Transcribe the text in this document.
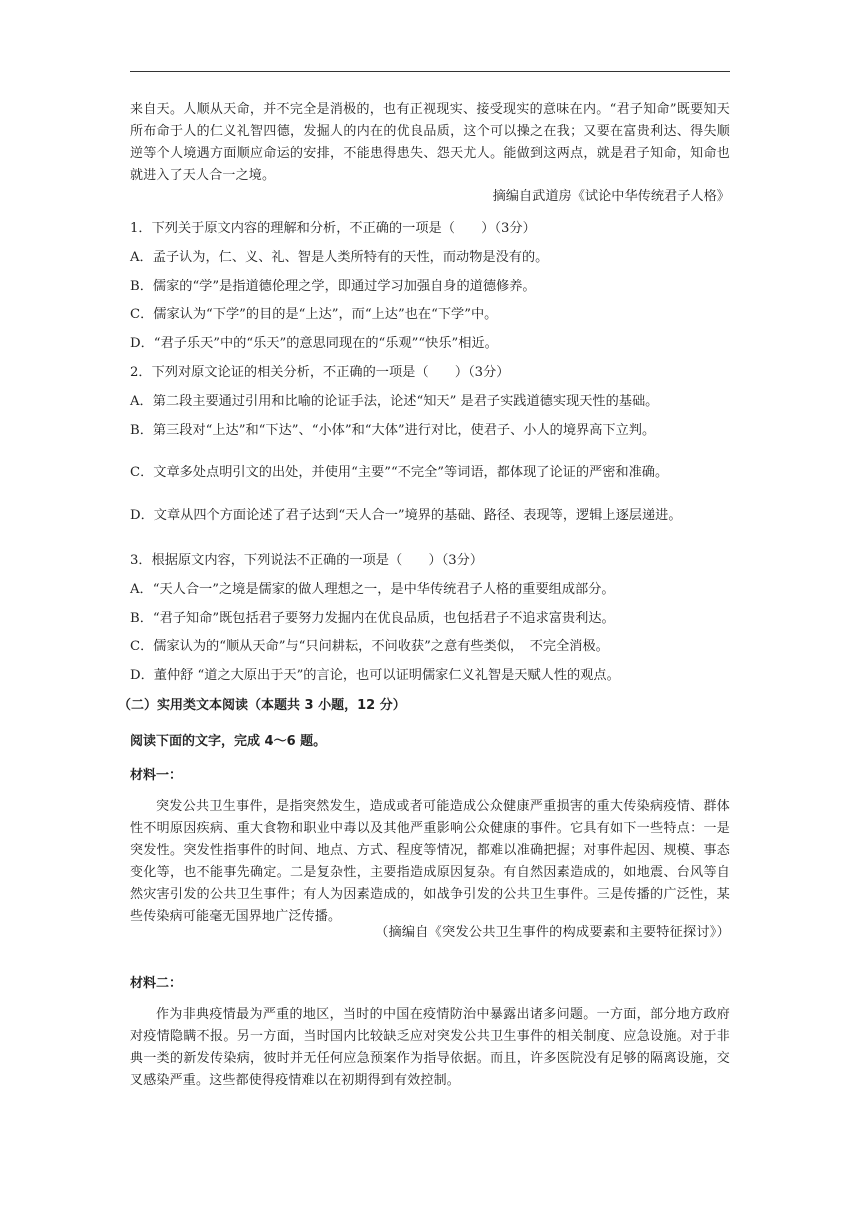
来自天。人顺从天命，并不完全是消极的，也有正视现实、接受现实的意味在内。“君子知命”既要知天所布命于人的仁义礼智四德，发掘人的内在的优良品质，这个可以操之在我；又要在富贵利达、得失顺逆等个人境遇方面顺应命运的安排，不能患得患失、怨天尤人。能做到这两点，就是君子知命，知命也就进入了天人合一之境。
摘编自武道房《试论中华传统君子人格》
1．下列关于原文内容的理解和分析，不正确的一项是（　　）（3分）
A．孟子认为，仁、义、礼、智是人类所特有的天性，而动物是没有的。
B．儒家的“学”是指道德伦理之学，即通过学习加强自身的道德修养。
C．儒家认为“下学”的目的是“上达”，而“上达”也在“下学”中。
D．“君子乐天”中的“乐天”的意思同现在的“乐观”“快乐”相近。
2．下列对原文论证的相关分析，不正确的一项是（　　）（3分）
A．第二段主要通过引用和比喻的论证手法，论述“知天” 是君子实践道德实现天性的基础。
B．第三段对“上达”和“下达”、“小体”和“大体”进行对比，使君子、小人的境界高下立判。
C．文章多处点明引文的出处，并使用“主要”“不完全”等词语，都体现了论证的严密和准确。
D．文章从四个方面论述了君子达到“天人合一”境界的基础、路径、表现等，逻辑上逐层递进。
3．根据原文内容，下列说法不正确的一项是（　　）（3分）
A．“天人合一”之境是儒家的做人理想之一，是中华传统君子人格的重要组成部分。
B．“君子知命”既包括君子要努力发掘内在优良品质，也包括君子不追求富贵利达。
C．儒家认为的“顺从天命”与“只问耕耘，不问收获”之意有些类似，　不完全消极。
D．董仲舒 “道之大原出于天”的言论，也可以证明儒家仁义礼智是天赋人性的观点。
（二）实用类文本阅读（本题共 3 小题，12 分）
阅读下面的文字，完成 4～6 题。
材料一：
突发公共卫生事件，是指突然发生，造成或者可能造成公众健康严重损害的重大传染病疫情、群体性不明原因疾病、重大食物和职业中毒以及其他严重影响公众健康的事件。它具有如下一些特点：一是突发性。突发性指事件的时间、地点、方式、程度等情况，都难以准确把握；对事件起因、规模、事态变化等，也不能事先确定。二是复杂性，主要指造成原因复杂。有自然因素造成的，如地震、台风等自然灾害引发的公共卫生事件；有人为因素造成的，如战争引发的公共卫生事件。三是传播的广泛性，某些传染病可能毫无国界地广泛传播。
（摘编自《突发公共卫生事件的构成要素和主要特征探讨》）
材料二：
作为非典疫情最为严重的地区，当时的中国在疫情防治中暴露出诸多问题。一方面，部分地方政府对疫情隐瞒不报。另一方面，当时国内比较缺乏应对突发公共卫生事件的相关制度、应急设施。对于非典一类的新发传染病，彼时并无任何应急预案作为指导依据。而且，许多医院没有足够的隔离设施，交叉感染严重。这些都使得疫情难以在初期得到有效控制。
